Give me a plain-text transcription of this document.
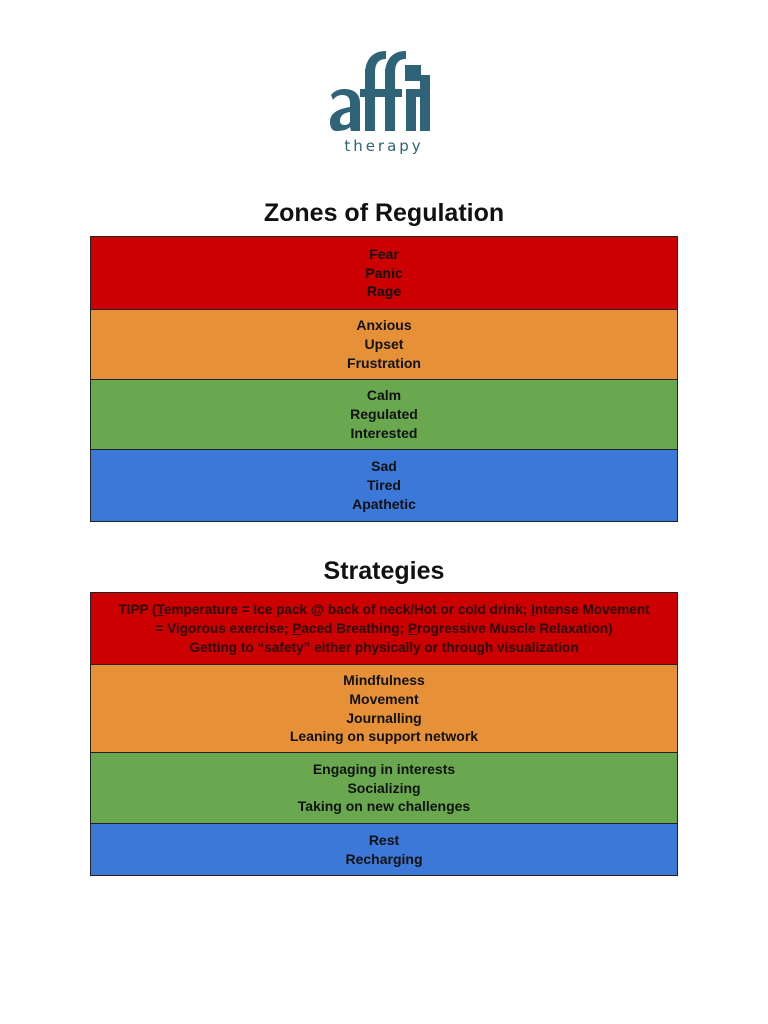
therapy
Zones of Regulation
Fear
Panic
Rage
Anxious
Upset
Frustration
Calm
Regulated
Interested
Sad
Tired
Apathetic
Strategies
TIPP (Temperature = Ice pack @ back of neck/Hot or cold drink; Intense Movement
= Vigorous exercise; Paced Breathing; Progressive Muscle Relaxation)
Getting to “safety” either physically or through visualization
Mindfulness
Movement
Journalling
Leaning on support network
Engaging in interests
Socializing
Taking on new challenges
Rest
Recharging
